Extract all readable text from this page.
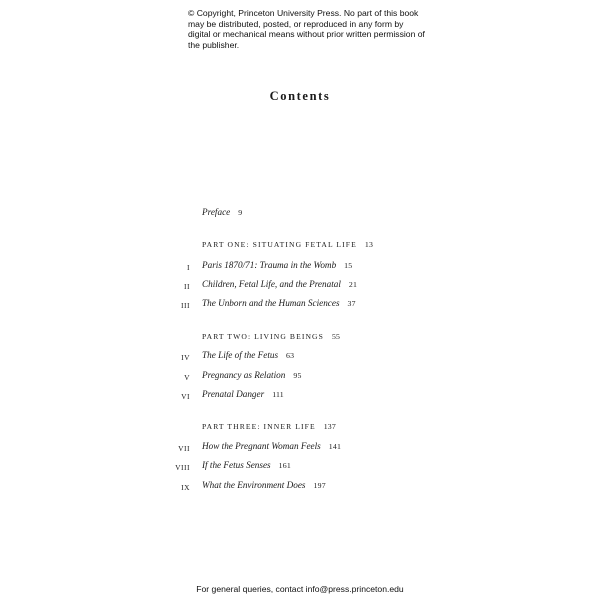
© Copyright, Princeton University Press. No part of this book may be distributed, posted, or reproduced in any form by digital or mechanical means without prior written permission of the publisher.
Contents
Preface 9
PART ONE: SITUATING FETAL LIFE 13
I Paris 1870/71: Trauma in the Womb 15
II Children, Fetal Life, and the Prenatal 21
III The Unborn and the Human Sciences 37
PART TWO: LIVING BEINGS 55
IV The Life of the Fetus 63
V Pregnancy as Relation 95
VI Prenatal Danger 111
PART THREE: INNER LIFE 137
VII How the Pregnant Woman Feels 141
VIII If the Fetus Senses 161
IX What the Environment Does 197
For general queries, contact info@press.princeton.edu
